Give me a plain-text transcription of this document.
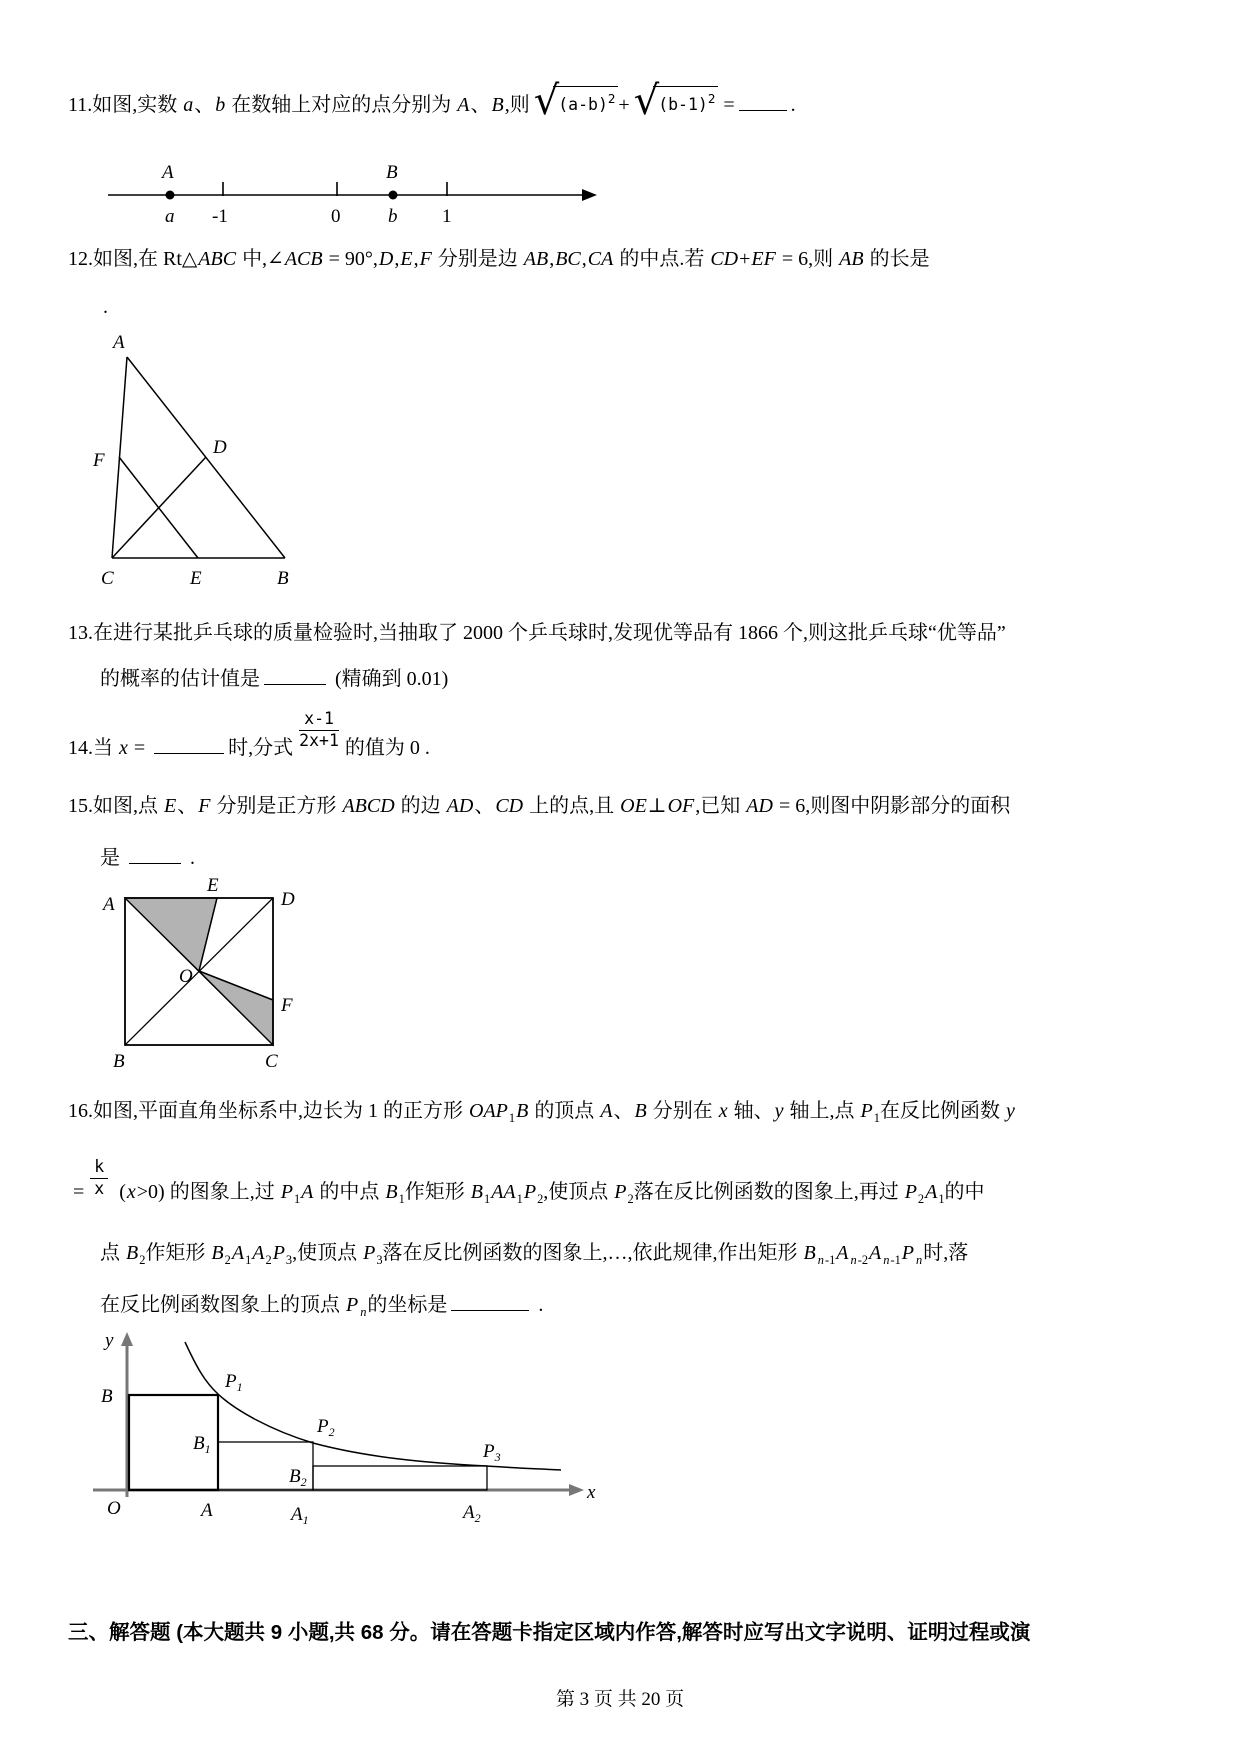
11.如图,实数 a、b 在数轴上对应的点分别为 A、B,则 √ $(a-b)^2$ + √ $(b-1)^2$ =	.
A	B
a -1	0	b 1
12.如图,在 Rt△ABC 中,∠ACB = 90°,D,E,F 分别是边 AB,BC,CA 的中点.若 CD+EF = 6,则 AB 的长是
.
A
F
D
C	E	B
13.在进行某批乒乓球的质量检验时,当抽取了 2000 个乒乓球时,发现优等品有 1866 个,则这批乒乓球“优等品”
的概率的估计值是	(精确到 0.01)
14.当 x =	时,分式 $\frac{x-1}{2x+1}$ 的值为 0 .
15.如图,点 E、F 分别是正方形 ABCD 的边 AD、CD 上的点,且 OE⊥OF,已知 AD = 6,则图中阴影部分的面积
是	.
A
E
D
O
F
B	C
16.如图,平面直角坐标系中,边长为 1 的正方形 $OAP_1B$ 的顶点 A、B 分别在 x 轴、y 轴上,点 $P_1$在反比例函数 y
= $\frac{k}{x} (x>0)$ 的图象上,过 $P_1A$ 的中点 $B_1$作矩形 $B_1AA_1P_2$,使顶点 $P_2$落在反比例函数的图象上,再过 $P_2A_1$的中
点 $B_2$作矩形 $B_2A_1A_2P_3$,使顶点 $P_3$落在反比例函数的图象上,…,依此规律,作出矩形 B $_{n-1}$A $_{n-2}$A $_{n-1}$P $_n$时,落
在反比例函数图象上的顶点 P $_n$的坐标是	.
y
x
B
$P_1$
$B_1$
$P_2$
$B_2$
$P_3$
O	A	$A_1$	$A_2$
三、解答题 (本大题共 9 小题,共 68 分。请在答题卡指定区域内作答,解答时应写出文字说明、证明过程或演
第 3 页 共 20 页
